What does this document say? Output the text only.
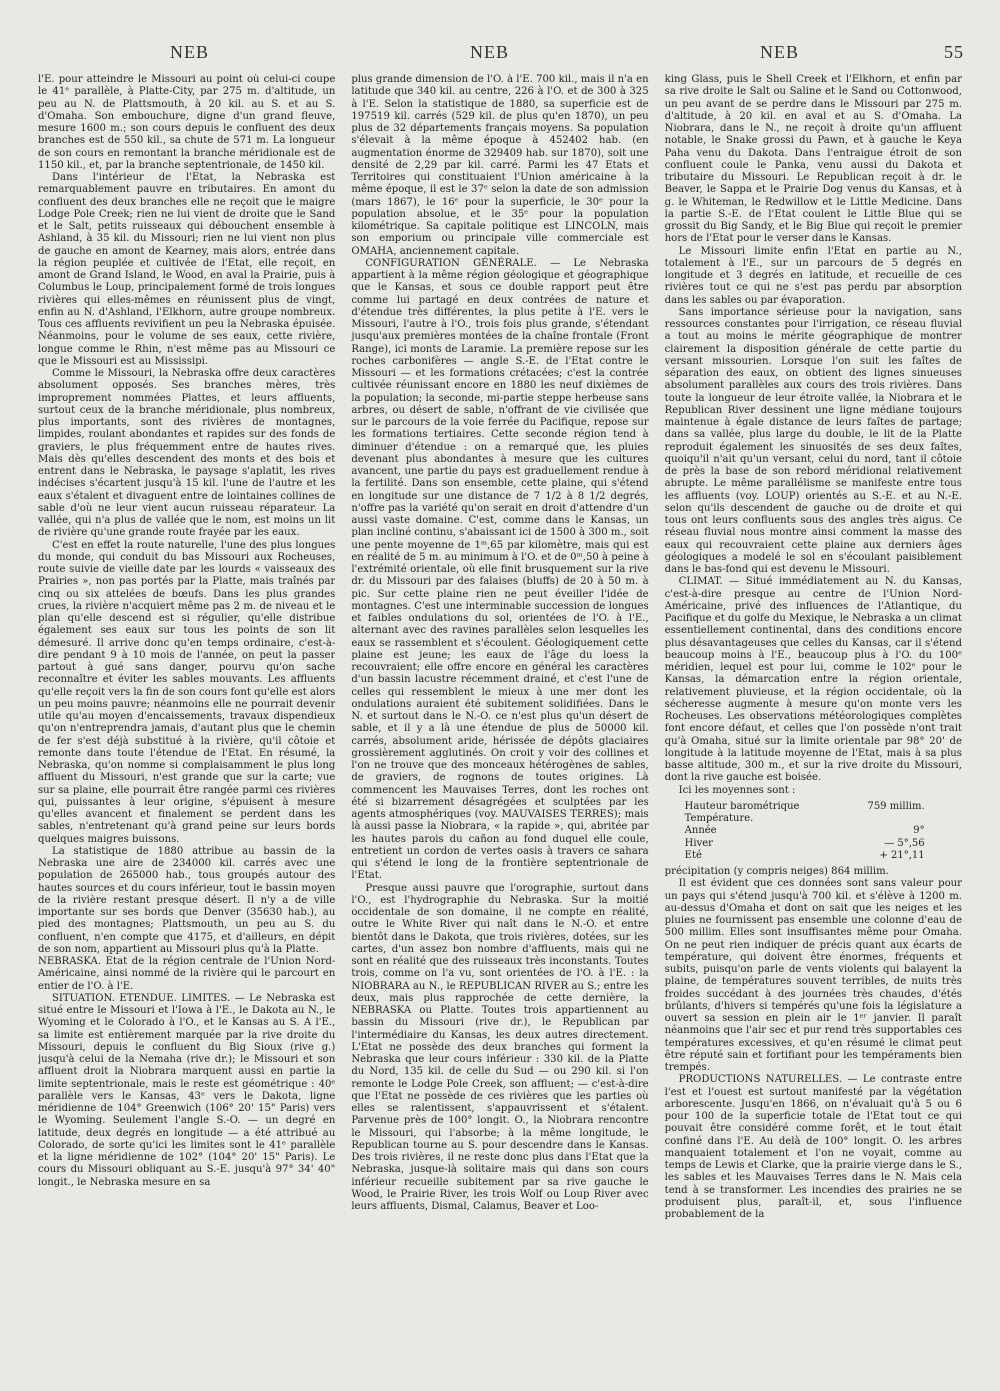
NEB	NEB	NEB	55

l'E. pour atteindre le Missouri au point où celui-ci coupe le 41ᵉ parallèle, à Platte-City, par 275 m. d'altitude, un peu au N. de Plattsmouth, à 20 kil. au S. et au S. d'Omaha. Son embouchure, digne d'un grand fleuve, mesure 1600 m.; son cours depuis le confluent des deux branches est de 550 kil., sa chute de 571 m. La longueur de son cours en remontant la branche méridionale est de 1150 kil., et, par la branche septentrionale, de 1450 kil.

Dans l'intérieur de l'Etat, la Nebraska est remarquablement pauvre en tributaires. En amont du confluent des deux branches elle ne reçoit que le maigre Lodge Pole Creek; rien ne lui vient de droite que le Sand et le Salt, petits ruisseaux qui débouchent ensemble à Ashland, à 35 kil. du Missouri; rien ne lui vient non plus de gauche en amont de Kearney, mais alors, entrée dans la région peuplée et cultivée de l'Etat, elle reçoit, en amont de Grand Island, le Wood, en aval la Prairie, puis à Columbus le Loup, principalement formé de trois longues rivières qui elles-mêmes en réunissent plus de vingt, enfin au N. d'Ashland, l'Elkhorn, autre groupe nombreux. Tous ces affluents revivifient un peu la Nebraska épuisée. Néanmoins, pour le volume de ses eaux, cette rivière, longue comme le Rhin, n'est même pas au Missouri ce que le Missouri est au Mississipi.

Comme le Missouri, la Nebraska offre deux caractères absolument opposés. Ses branches mères, très improprement nommées Plattes, et leurs affluents, surtout ceux de la branche méridionale, plus nombreux, plus importants, sont des rivières de montagnes, limpides, roulant abondantes et rapides sur des fonds de graviers, le plus fréquemment entre de hautes rives. Mais dès qu'elles descendent des monts et des bois et entrent dans le Nebraska, le paysage s'aplatit, les rives indécises s'écartent jusqu'à 15 kil. l'une de l'autre et les eaux s'étalent et divaguent entre de lointaines collines de sable d'où ne leur vient aucun ruisseau réparateur. La vallée, qui n'a plus de vallée que le nom, est moins un lit de rivière qu'une grande route frayée par les eaux.

C'est en effet la route naturelle, l'une des plus longues du monde, qui conduit du bas Missouri aux Rocheuses, route suivie de vieille date par les lourds « vaisseaux des Prairies », non pas portés par la Platte, mais traînés par cinq ou six attelées de bœufs. Dans les plus grandes crues, la rivière n'acquiert même pas 2 m. de niveau et le plan qu'elle descend est si régulier, qu'elle distribue également ses eaux sur tous les points de son lit démesuré. Il arrive donc qu'en temps ordinaire, c'est-à-dire pendant 9 à 10 mois de l'année, on peut la passer partout à gué sans danger, pourvu qu'on sache reconnaître et éviter les sables mouvants. Les affluents qu'elle reçoit vers la fin de son cours font qu'elle est alors un peu moins pauvre; néanmoins elle ne pourrait devenir utile qu'au moyen d'encaissements, travaux dispendieux qu'on n'entreprendra jamais, d'autant plus que le chemin de fer s'est déjà substitué à la rivière, qu'il côtoie et remonte dans toute l'étendue de l'Etat. En résumé, la Nebraska, qu'on nomme si complaisamment le plus long affluent du Missouri, n'est grande que sur la carte; vue sur sa plaine, elle pourrait être rangée parmi ces rivières qui, puissantes à leur origine, s'épuisent à mesure qu'elles avancent et finalement se perdent dans les sables, n'entretenant qu'à grand peine sur leurs bords quelques maigres buissons.

La statistique de 1880 attribue au bassin de la Nebraska une aire de 234000 kil. carrés avec une population de 265000 hab., tous groupés autour des hautes sources et du cours inférieur, tout le bassin moyen de la rivière restant presque désert. Il n'y a de ville importante sur ses bords que Denver (35630 hab.), au pied des montagnes; Plattsmouth, un peu au S. du confluent, n'en compte que 4175, et d'ailleurs, en dépit de son nom, appartient au Missouri plus qu'à la Platte.

NEBRASKA. Etat de la région centrale de l'Union Nord-Américaine, ainsi nommé de la rivière qui le parcourt en entier de l'O. à l'E.

SITUATION. ETENDUE. LIMITES. — Le Nebraska est situé entre le Missouri et l'Iowa à l'E., le Dakota au N., le Wyoming et le Colorado à l'O., et le Kansas au S. A l'E., sa limite est entièrement marquée par la rive droite du Missouri, depuis le confluent du Big Sioux (rive g.) jusqu'à celui de la Nemaha (rive dr.); le Missouri et son affluent droit la Niobrara marquent aussi en partie la limite septentrionale, mais le reste est géométrique : 40ᵉ parallèle vers le Kansas, 43ᵉ vers le Dakota, ligne méridienne de 104° Greenwich (106° 20' 15" Paris) vers le Wyoming. Seulement l'angle S.-O. — un degré en latitude, deux degrés en longitude — a été attribué au Colorado, de sorte qu'ici les limites sont le 41ᵉ parallèle et la ligne méridienne de 102° (104° 20' 15" Paris). Le cours du Missouri obliquant au S.-E. jusqu'à 97° 34' 40" longit., le Nebraska mesure en sa

plus grande dimension de l'O. à l'E. 700 kil., mais il n'a en latitude que 340 kil. au centre, 226 à l'O. et de 300 à 325 à l'E. Selon la statistique de 1880, sa superficie est de 197519 kil. carrés (529 kil. de plus qu'en 1870), un peu plus de 32 départements français moyens. Sa population s'élevait à la même époque à 452402 hab. (en augmentation énorme de 329409 hab. sur 1870), soit une densité de 2,29 par kil. carré. Parmi les 47 Etats et Territoires qui constituaient l'Union américaine à la même époque, il est le 37ᵉ selon la date de son admission (mars 1867), le 16ᵉ pour la superficie, le 30ᵉ pour la population absolue, et le 35ᵉ pour la population kilométrique. Sa capitale politique est LINCOLN, mais son emporium ou principale ville commerciale est OMAHA, anciennement capitale.

CONFIGURATION GÉNÉRALE. — Le Nebraska appartient à la même région géologique et géographique que le Kansas, et sous ce double rapport peut être comme lui partagé en deux contrées de nature et d'étendue très différentes, la plus petite à l'E. vers le Missouri, l'autre à l'O., trois fois plus grande, s'étendant jusqu'aux premières montées de la chaîne frontale (Front Range), ici monts de Laramie. La première repose sur les roches carbonifères — angle S.-E. de l'Etat contre le Missouri — et les formations crétacées; c'est la contrée cultivée réunissant encore en 1880 les neuf dixièmes de la population; la seconde, mi-partie steppe herbeuse sans arbres, ou désert de sable, n'offrant de vie civilisée que sur le parcours de la voie ferrée du Pacifique, repose sur les formations tertiaires. Cette seconde région tend à diminuer d'étendue : on a remarqué que, les pluies devenant plus abondantes à mesure que les cultures avancent, une partie du pays est graduellement rendue à la fertilité. Dans son ensemble, cette plaine, qui s'étend en longitude sur une distance de 7 1/2 à 8 1/2 degrés, n'offre pas la variété qu'on serait en droit d'attendre d'un aussi vaste domaine. C'est, comme dans le Kansas, un plan incliné continu, s'abaissant ici de 1500 à 300 m., soit une pente moyenne de 1ᵐ,65 par kilomètre, mais qui est en réalité de 5 m. au minimum à l'O. et de 0ᵐ,50 à peine à l'extrémité orientale, où elle finit brusquement sur la rive dr. du Missouri par des falaises (bluffs) de 20 à 50 m. à pic. Sur cette plaine rien ne peut éveiller l'idée de montagnes. C'est une interminable succession de longues et faibles ondulations du sol, orientées de l'O. à l'E., alternant avec des ravines parallèles selon lesquelles les eaux se rassemblent et s'écoulent. Géologiquement cette plaine est jeune; les eaux de l'âge du loess la recouvraient; elle offre encore en général les caractères d'un bassin lacustre récemment drainé, et c'est l'une de celles qui ressemblent le mieux à une mer dont les ondulations auraient été subitement solidifiées. Dans le N. et surtout dans le N.-O. ce n'est plus qu'un désert de sable, et il y a là une étendue de plus de 50000 kil. carrés, absolument aride, hérissée de dépôts glaciaires grossièrement agglutinés. On croit y voir des collines et l'on ne trouve que des monceaux hétérogènes de sables, de graviers, de rognons de toutes origines. Là commencent les Mauvaises Terres, dont les roches ont été si bizarrement désagrégées et sculptées par les agents atmosphériques (voy. MAUVAISES TERRES); mais là aussi passe la Niobrara, « la rapide », qui, abritée par les hautes parois du cañon au fond duquel elle coule, entretient un cordon de vertes oasis à travers ce sahara qui s'étend le long de la frontière septentrionale de l'Etat.

Presque aussi pauvre que l'orographie, surtout dans l'O., est l'hydrographie du Nebraska. Sur la moitié occidentale de son domaine, il ne compte en réalité, outre le White River qui naît dans le N.-O. et entre bientôt dans le Dakota, que trois rivières, dotées, sur les cartes, d'un assez bon nombre d'affluents, mais qui ne sont en réalité que des ruisseaux très inconstants. Toutes trois, comme on l'a vu, sont orientées de l'O. à l'E. : la NIOBRARA au N., le REPUBLICAN RIVER au S.; entre les deux, mais plus rapprochée de cette dernière, la NEBRASKA ou Platte. Toutes trois appartiennent au bassin du Missouri (rive dr.), le Republican par l'intermédiaire du Kansas, les deux autres directement. L'Etat ne possède des deux branches qui forment la Nebraska que leur cours inférieur : 330 kil. de la Platte du Nord, 135 kil. de celle du Sud — ou 290 kil. si l'on remonte le Lodge Pole Creek, son affluent; — c'est-à-dire que l'Etat ne possède de ces rivières que les parties où elles se ralentissent, s'appauvrissent et s'étalent. Parvenue près de 100° longit. O., la Niobrara rencontre le Missouri, qui l'absorbe; à la même longitude, le Republican tourne au S. pour descendre dans le Kansas. Des trois rivières, il ne reste donc plus dans l'Etat que la Nebraska, jusque-là solitaire mais qui dans son cours inférieur recueille subitement par sa rive gauche le Wood, le Prairie River, les trois Wolf ou Loup River avec leurs affluents, Dismal, Calamus, Beaver et Loo-

king Glass, puis le Shell Creek et l'Elkhorn, et enfin par sa rive droite le Salt ou Saline et le Sand ou Cottonwood, un peu avant de se perdre dans le Missouri par 275 m. d'altitude, à 20 kil. en aval et au S. d'Omaha. La Niobrara, dans le N., ne reçoit à droite qu'un affluent notable, le Snake grossi du Pawn, et à gauche le Keya Paha venu du Dakota. Dans l'entraigue étroit de son confluent coule le Panka, venu aussi du Dakota et tributaire du Missouri. Le Republican reçoit à dr. le Beaver, le Sappa et le Prairie Dog venus du Kansas, et à g. le Whiteman, le Redwillow et le Little Medicine. Dans la partie S.-E. de l'Etat coulent le Little Blue qui se grossit du Big Sandy, et le Big Blue qui reçoit le premier hors de l'Etat pour le verser dans le Kansas.

Le Missouri limite enfin l'Etat en partie au N., totalement à l'E., sur un parcours de 5 degrés en longitude et 3 degrés en latitude, et recueille de ces rivières tout ce qui ne s'est pas perdu par absorption dans les sables ou par évaporation.

Sans importance sérieuse pour la navigation, sans ressources constantes pour l'irrigation, ce réseau fluvial a tout au moins le mérite géographique de montrer clairement la disposition générale de cette partie du versant missourien. Lorsque l'on suit les faîtes de séparation des eaux, on obtient des lignes sinueuses absolument parallèles aux cours des trois rivières. Dans toute la longueur de leur étroite vallée, la Niobrara et le Republican River dessinent une ligne médiane toujours maintenue à égale distance de leurs faîtes de partage; dans sa vallée, plus large du double, le lit de la Platte reproduit également les sinuosités de ses deux faîtes, quoiqu'il n'ait qu'un versant, celui du nord, tant il côtoie de près la base de son rebord méridional relativement abrupte. Le même parallélisme se manifeste entre tous les affluents (voy. LOUP) orientés au S.-E. et au N.-E. selon qu'ils descendent de gauche ou de droite et qui tous ont leurs confluents sous des angles très aigus. Ce réseau fluvial nous montre ainsi comment la masse des eaux qui recouvraient cette plaine aux derniers âges géologiques a modelé le sol en s'écoulant paisiblement dans le bas-fond qui est devenu le Missouri.

CLIMAT. — Situé immédiatement au N. du Kansas, c'est-à-dire presque au centre de l'Union Nord-Américaine, privé des influences de l'Atlantique, du Pacifique et du golfe du Mexique, le Nebraska a un climat essentiellement continental, dans des conditions encore plus désavantageuses que celles du Kansas, car il s'étend beaucoup moins à l'E., beaucoup plus à l'O. du 100ᵉ méridien, lequel est pour lui, comme le 102ᵉ pour le Kansas, la démarcation entre la région orientale, relativement pluvieuse, et la région occidentale, où la sécheresse augmente à mesure qu'on monte vers les Rocheuses. Les observations météorologiques complètes font encore défaut, et celles que l'on possède n'ont trait qu'à Omaha, situé sur la limite orientale par 98° 20' de longitude à la latitude moyenne de l'Etat, mais à sa plus basse altitude, 300 m., et sur la rive droite du Missouri, dont la rive gauche est boisée.

Ici les moyennes sont :

Hauteur barométrique	759 millim.
Température.
Année	9°
Hiver	— 5°,56
Eté	+ 21°,11

précipitation (y compris neiges) 864 millim.

Il est évident que ces données sont sans valeur pour un pays qui s'étend jusqu'à 700 kil. et s'élève à 1200 m. au-dessus d'Omaha et dont on sait que les neiges et les pluies ne fournissent pas ensemble une colonne d'eau de 500 millim. Elles sont insuffisantes même pour Omaha. On ne peut rien indiquer de précis quant aux écarts de température, qui doivent être énormes, fréquents et subits, puisqu'on parle de vents violents qui balayent la plaine, de températures souvent terribles, de nuits très froides succédant à des journées très chaudes, d'étés brûlants, d'hivers si tempérés qu'une fois la législature a ouvert sa session en plein air le 1ᵉʳ janvier. Il paraît néanmoins que l'air sec et pur rend très supportables ces températures excessives, et qu'en résumé le climat peut être réputé sain et fortifiant pour les tempéraments bien trempés.

PRODUCTIONS NATURELLES. — Le contraste entre l'est et l'ouest est surtout manifesté par la végétation arborescente. Jusqu'en 1866, on n'évaluait qu'à 5 ou 6 pour 100 de la superficie totale de l'Etat tout ce qui pouvait être considéré comme forêt, et le tout était confiné dans l'E. Au delà de 100° longit. O. les arbres manquaient totalement et l'on ne voyait, comme au temps de Lewis et Clarke, que la prairie vierge dans le S., les sables et les Mauvaises Terres dans le N. Mais cela tend à se transformer. Les incendies des prairies ne se produisent plus, paraît-il, et, sous l'influence probablement de la
